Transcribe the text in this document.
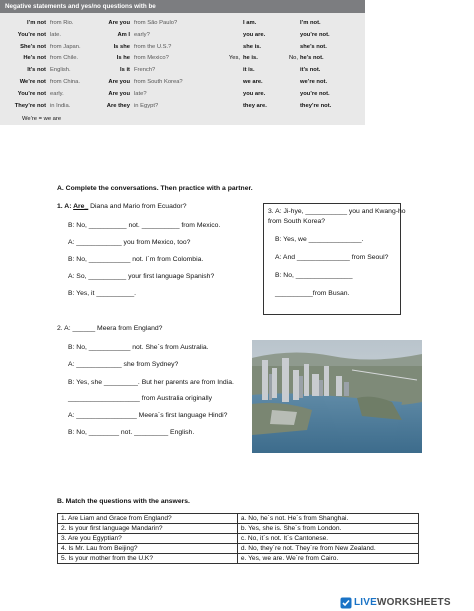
Negative statements and yes/no questions with be
I’m not from Rio.	Are you from São Paulo?	I am.	I’m not.
You’re not late.	Am I early?	you are.	you’re not.
She’s not from Japan.	Is she from the U.S.?	she is.	she’s not.
He’s not from Chile.	Is he from Mexico?	Yes, he is.	No, he’s not.
It’s not English.	Is it French?	it is.	it’s not.
We’re not from China.	Are you from South Korea?	we are.	we’re not.
You’re not early.	Are you late?	you are.	you’re not.
They’re not in India.	Are they in Egypt?	they are.	they’re not.
We’re = we are
A. Complete the conversations. Then practice with a partner.
1. A: Are_ Diana and Mario from Ecuador?
B: No, __________ not. __________ from Mexico.
A: ____________ you from Mexico, too?
B: No, ___________ not. I´m from Colombia.
A: So, __________ your first language Spanish?
B: Yes, it __________.
3. A: Ji-hye, ___________ you and Kwang-ho
from South Korea?
B: Yes, we ______________.
A: And ______________ from Seoul?
B: No, _______________
__________from Busan.
2. A: ______ Meera from England?
B: No, ___________ not. She´s from Australia.
A: ____________ she from Sydney?
B: Yes, she _________. But her parents are from India.
___________________ from Australia originally
A: ________________ Meera´s first language Hindi?
B: No, ________ not. _________ English.
B. Match the questions with the answers.
1. Are Liam and Grace from England?	a. No, he´s not. He´s from Shanghai.
2. Is your first language Mandarin?	b. Yes, she is. She´s from London.
3. Are you Egyptian?	c. No, it´s not. It´s Cantonese.
4. Is Mr. Lau from Beijing?	d. No, they´re not. They´re from New Zealand.
5. Is your mother from the U.K?	e. Yes, we are. We´re from Cairo.
LIVEWORKSHEETS
